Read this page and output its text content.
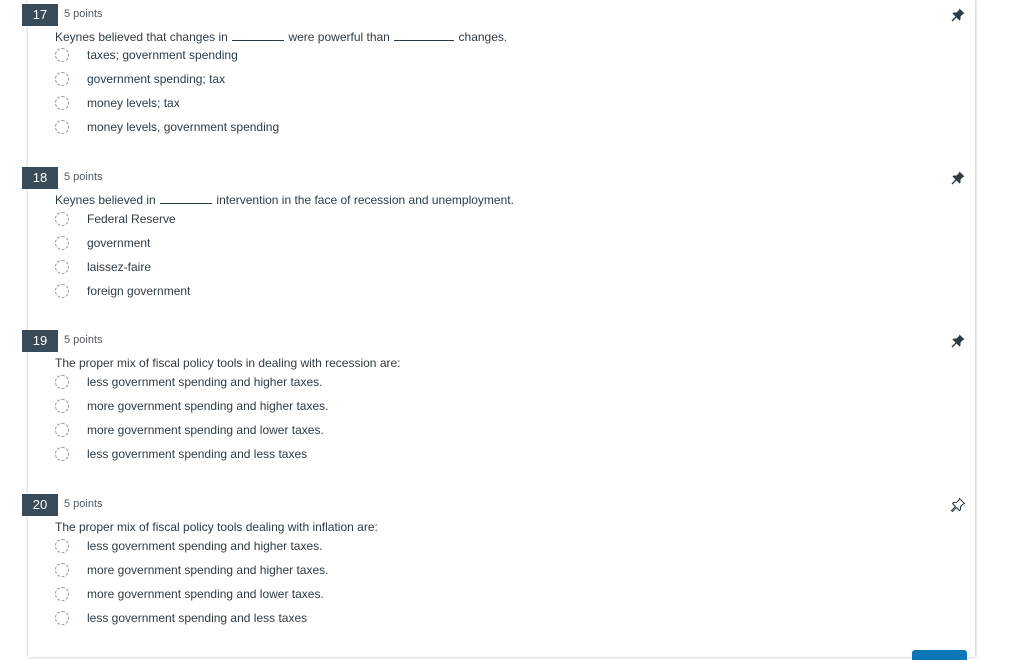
17	5 points
Keynes believed that changes in	were powerful than	changes.
taxes; government spending
government spending; tax
money levels; tax
money levels, government spending
18	5 points
Keynes believed in	intervention in the face of recession and unemployment.
Federal Reserve
government
laissez-faire
foreign government
19	5 points
The proper mix of fiscal policy tools in dealing with recession are:
less government spending and higher taxes.
more government spending and higher taxes.
more government spending and lower taxes.
less government spending and less taxes
20	5 points
The proper mix of fiscal policy tools dealing with inflation are:
less government spending and higher taxes.
more government spending and higher taxes.
more government spending and lower taxes.
less government spending and less taxes
